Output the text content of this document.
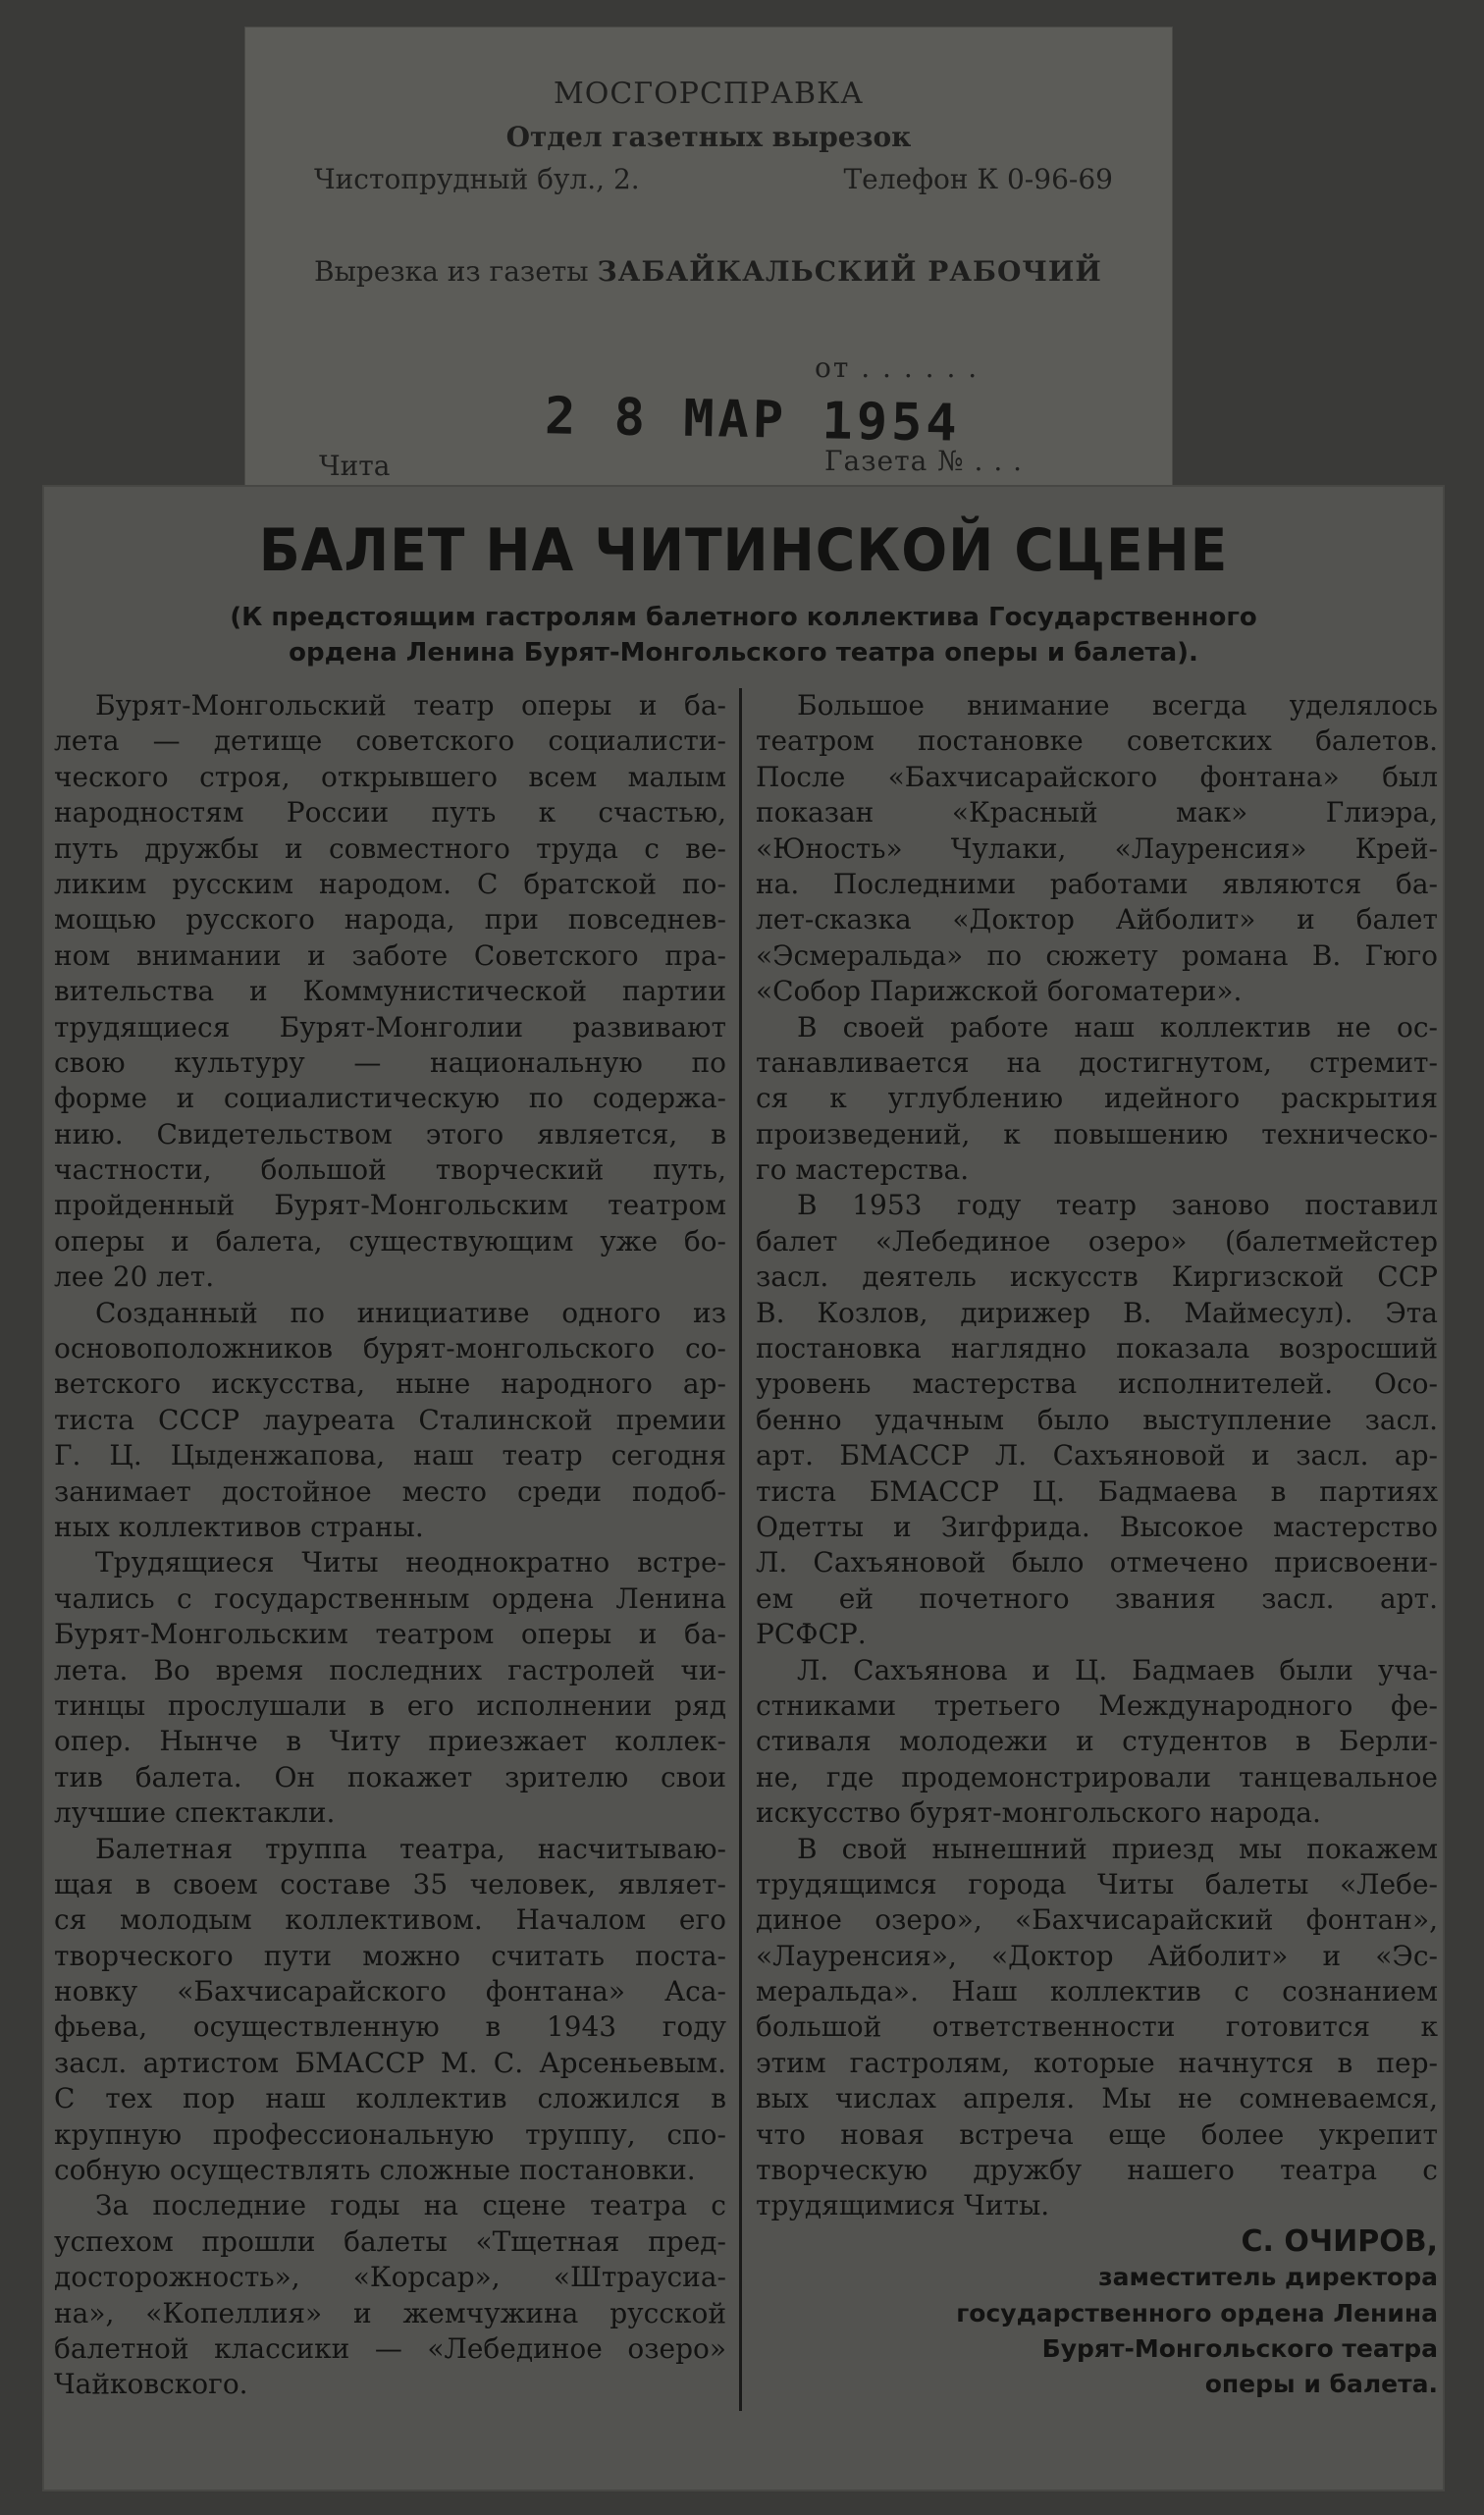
МОСГОРСПРАВКА
Отдел газетных вырезок
Чистопрудный бул., 2.	Телефон К 0-96-69
Вырезка из газеты ЗАБАЙКАЛЬСКИЙ РАБОЧИЙ
от . . . . . .
2 8 МАР 1954
Чита	Газета № . . .
БАЛЕТ НА ЧИТИНСКОЙ СЦЕНЕ
(К предстоящим гастролям балетного коллектива Государственного
ордена Ленина Бурят-Монгольского театра оперы и балета).
Бурят-Монгольский театр оперы и ба-
лета — детище советского социалисти-
ческого строя, открывшего всем малым
народностям России путь к счастью,
путь дружбы и совместного труда с ве-
ликим русским народом. С братской по-
мощью русского народа, при повседнев-
ном внимании и заботе Советского пра-
вительства и Коммунистической партии
трудящиеся Бурят-Монголии развивают
свою культуру — национальную по
форме и социалистическую по содержа-
нию. Свидетельством этого является, в
частности, большой творческий путь,
пройденный Бурят-Монгольским театром
оперы и балета, существующим уже бо-
лее 20 лет.
Созданный по инициативе одного из
основоположников бурят-монгольского со-
ветского искусства, ныне народного ар-
тиста СССР лауреата Сталинской премии
Г. Ц. Цыденжапова, наш театр сегодня
занимает достойное место среди подоб-
ных коллективов страны.
Трудящиеся Читы неоднократно встре-
чались с государственным ордена Ленина
Бурят-Монгольским театром оперы и ба-
лета. Во время последних гастролей чи-
тинцы прослушали в его исполнении ряд
опер. Нынче в Читу приезжает коллек-
тив балета. Он покажет зрителю свои
лучшие спектакли.
Балетная труппа театра, насчитываю-
щая в своем составе 35 человек, являет-
ся молодым коллективом. Началом его
творческого пути можно считать поста-
новку «Бахчисарайского фонтана» Аса-
фьева, осуществленную в 1943 году
засл. артистом БМАССР М. С. Арсеньевым.
С тех пор наш коллектив сложился в
крупную профессиональную труппу, спо-
собную осуществлять сложные постановки.
За последние годы на сцене театра с
успехом прошли балеты «Тщетная пред-
досторожность», «Корсар», «Штраусиа-
на», «Копеллия» и жемчужина русской
балетной классики — «Лебединое озеро»
Чайковского.
Большое внимание всегда уделялось
театром постановке советских балетов.
После «Бахчисарайского фонтана» был
показан «Красный мак» Глиэра,
«Юность» Чулаки, «Лауренсия» Крей-
на. Последними работами являются ба-
лет-сказка «Доктор Айболит» и балет
«Эсмеральда» по сюжету романа В. Гюго
«Собор Парижской богоматери».
В своей работе наш коллектив не ос-
танавливается на достигнутом, стремит-
ся к углублению идейного раскрытия
произведений, к повышению техническо-
го мастерства.
В 1953 году театр заново поставил
балет «Лебединое озеро» (балетмейстер
засл. деятель искусств Киргизской ССР
В. Козлов, дирижер В. Маймесул). Эта
постановка наглядно показала возросший
уровень мастерства исполнителей. Осо-
бенно удачным было выступление засл.
арт. БМАССР Л. Сахъяновой и засл. ар-
тиста БМАССР Ц. Бадмаева в партиях
Одетты и Зигфрида. Высокое мастерство
Л. Сахъяновой было отмечено присвоени-
ем ей почетного звания засл. арт.
РСФСР.
Л. Сахъянова и Ц. Бадмаев были уча-
стниками третьего Международного фе-
стиваля молодежи и студентов в Берли-
не, где продемонстрировали танцевальное
искусство бурят-монгольского народа.
В свой нынешний приезд мы покажем
трудящимся города Читы балеты «Лебе-
диное озеро», «Бахчисарайский фонтан»,
«Лауренсия», «Доктор Айболит» и «Эс-
меральда». Наш коллектив с сознанием
большой ответственности готовится к
этим гастролям, которые начнутся в пер-
вых числах апреля. Мы не сомневаемся,
что новая встреча еще более укрепит
творческую дружбу нашего театра с
трудящимися Читы.
С. ОЧИРОВ,
заместитель директора
государственного ордена Ленина
Бурят-Монгольского театра
оперы и балета.
